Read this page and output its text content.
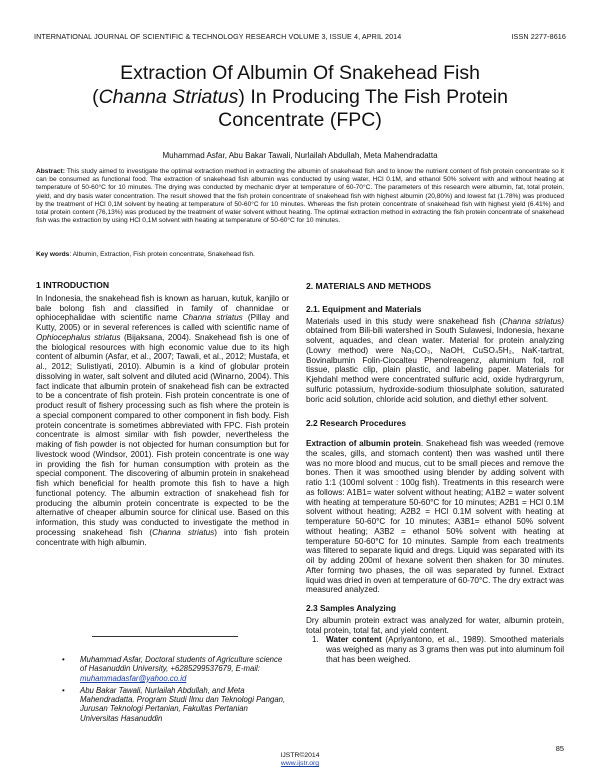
INTERNATIONAL JOURNAL OF SCIENTIFIC & TECHNOLOGY RESEARCH VOLUME 3, ISSUE 4, APRIL 2014	ISSN 2277-8616
Extraction Of Albumin Of Snakehead Fish
(Channa Striatus) In Producing The Fish Protein
Concentrate (FPC)
Muhammad Asfar, Abu Bakar Tawali, Nurlailah Abdullah, Meta Mahendradatta
Abstract: This study aimed to investigate the optimal extraction method in extracting the albumin of snakehead fish and to know the nutrient content of fish protein concentrate so it can be consumed as functional food. The extraction of snakehead fish albumin was conducted by using water, HCl 0.1M, and ethanol 50% solvent with and without heating at temperature of 50-60°C for 10 minutes. The drying was conducted by mechanic dryer at temperature of 60-70°C. The parameters of this research were albumin, fat, total protein, yield, and dry basis water concentration. The result showed that the fish protein concentrate of snakehead fish with highest albumin (20,80%) and lowest fat (1.78%) was produced by the treatment of HCl 0,1M solvent by heating at temperature of 50-60°C for 10 minutes. Whereas the fish protein concentrate of snakehead fish with highest yield (6.41%) and total protein content (76,13%) was produced by the treatment of water solvent without heating. The optimal extraction method in extracting the fish protein concentrate of snakehead fish was the extraction by using HCl 0,1M solvent with heating at temperature of 50-60°C for 10 minutes.
Key words: Albumin, Extraction, Fish protein concentrate, Snakehead fish.
1 INTRODUCTION
In Indonesia, the snakehead fish is known as haruan, kutuk, kanjilo or bale bolong fish and classified in family of channidae or ophiocephalidae with scientific name Channa striatus (Pillay and Kutty, 2005) or in several references is called with scientific name of Ophiocephalus striatus (Bijaksana, 2004). Snakehead fish is one of the biological resources with high economic value due to its high content of albumin (Asfar, et al., 2007; Tawali, et al., 2012; Mustafa, et al., 2012; Sulistiyati, 2010). Albumin is a kind of globular protein dissolving in water, salt solvent and diluted acid (Winarno, 2004). This fact indicate that albumin protein of snakehead fish can be extracted to be a concentrate of fish protein. Fish protein concentrate is one of product result of fishery processing such as fish where the protein is a special component compared to other component in fish body. Fish protein concentrate is sometimes abbreviated with FPC. Fish protein concentrate is almost similar with fish powder, nevertheless the making of fish powder is not objected for human consumption but for livestock wood (Windsor, 2001). Fish protein concentrate is one way in providing the fish for human consumption with protein as the special component. The discovering of albumin protein in snakehead fish which beneficial for health promote this fish to have a high functional potency. The albumin extraction of snakehead fish for producing the albumin protein concentrate is expected to be the alternative of cheaper albumin source for clinical use. Based on this information, this study was conducted to investigate the method in processing snakehead fish (Channa striatus) into fish protein concentrate with high albumin.
• Muhammad Asfar, Doctoral students of Agriculture science of Hasanuddin University, +6285299537679, E-mail: muhammadasfar@yahoo.co.id
• Abu Bakar Tawali, Nurlailah Abdullah, and Meta Mahendradatta. Program Studi Ilmu dan Teknologi Pangan, Jurusan Teknologi Pertanian, Fakultas Pertanian Universitas Hasanuddin
2. MATERIALS AND METHODS
2.1. Equipment and Materials
Materials used in this study were snakehead fish (Channa striatus) obtained from Bili-bili watershed in South Sulawesi, Indonesia, hexane solvent, aquades, and clean water. Material for protein analyzing (Lowry method) were Na₂CO₃, NaOH, CuSO₄5H₂, NaK-tartrat, Bovinalbumin Folin-Ciocalteu Phenolreagenz, aluminium foil, roll tissue, plastic clip, plain plastic, and labeling paper. Materials for Kjehdahl method were concentrated sulfuric acid, oxide hydrargyrum, sulfuric potassium, hydroxide-sodium thiosulphate solution, saturated boric acid solution, chloride acid solution, and diethyl ether solvent.
2.2 Research Procedures
Extraction of albumin protein. Snakehead fish was weeded (remove the scales, gills, and stomach content) then was washed until there was no more blood and mucus, cut to be small pieces and remove the bones. Then it was smoothed using blender by adding solvent with ratio 1:1 (100ml solvent : 100g fish). Treatments in this research were as follows: A1B1= water solvent without heating; A1B2 = water solvent with heating at temperature 50-60°C for 10 minutes; A2B1 = HCl 0.1M solvent without heating; A2B2 = HCl 0.1M solvent with heating at temperature 50-60°C for 10 minutes; A3B1= ethanol 50% solvent without heating; A3B2 = ethanol 50% solvent with heating at temperature 50-60°C for 10 minutes. Sample from each treatments was filtered to separate liquid and dregs. Liquid was separated with its oil by adding 200ml of hexane solvent then shaken for 30 minutes. After forming two phases, the oil was separated by funnel. Extract liquid was dried in oven at temperature of 60-70°C. The dry extract was measured analyzed.
2.3 Samples Analyzing
Dry albumin protein extract was analyzed for water, albumin protein, total protein, total fat, and yield content.
1. Water content (Apriyantono, et al., 1989). Smoothed materials was weighed as many as 3 grams then was put into aluminum foil that has been weighed.
85
IJSTR©2014
www.ijstr.org
